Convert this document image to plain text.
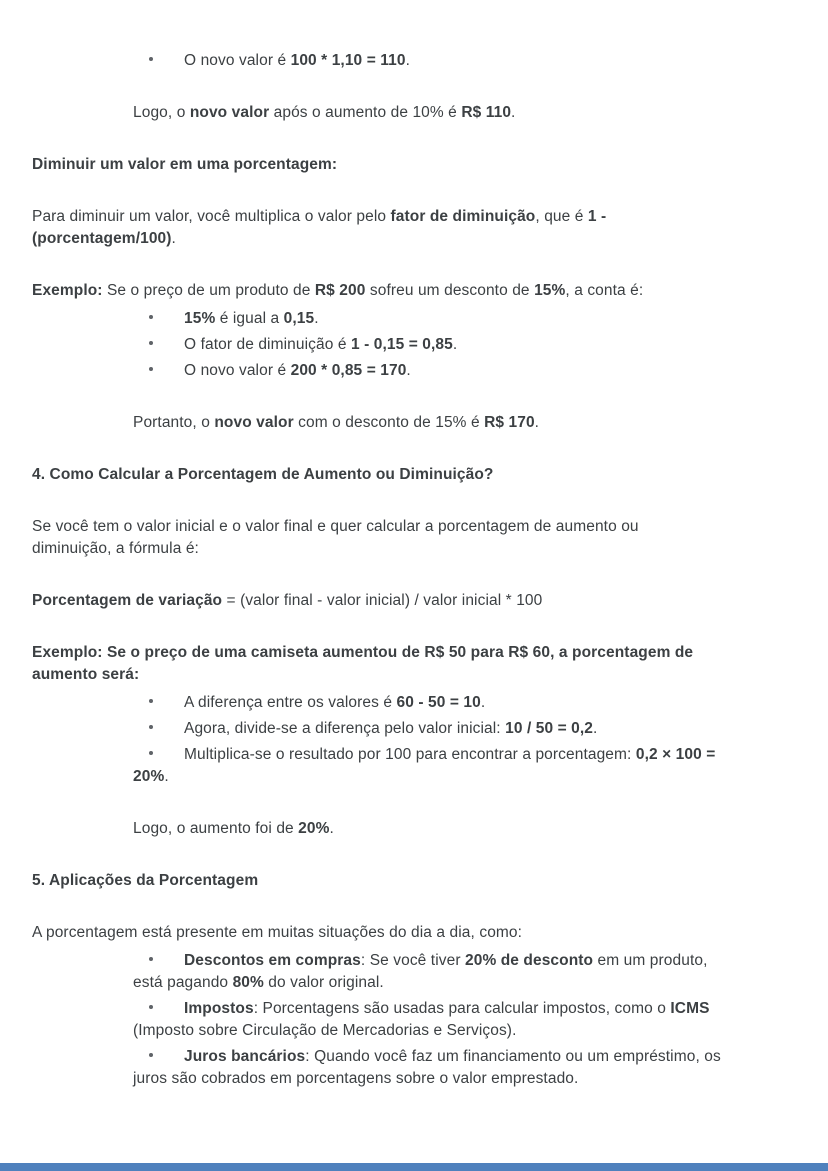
O novo valor é 100 * 1,10 = 110.
Logo, o novo valor após o aumento de 10% é R$ 110.
Diminuir um valor em uma porcentagem:
Para diminuir um valor, você multiplica o valor pelo fator de diminuição, que é 1 -
(porcentagem/100).
Exemplo: Se o preço de um produto de R$ 200 sofreu um desconto de 15%, a conta é:
15% é igual a 0,15.
O fator de diminuição é 1 - 0,15 = 0,85.
O novo valor é 200 * 0,85 = 170.
Portanto, o novo valor com o desconto de 15% é R$ 170.
4. Como Calcular a Porcentagem de Aumento ou Diminuição?
Se você tem o valor inicial e o valor final e quer calcular a porcentagem de aumento ou
diminuição, a fórmula é:
Porcentagem de variação = (valor final - valor inicial) / valor inicial * 100
Exemplo: Se o preço de uma camiseta aumentou de R$ 50 para R$ 60, a porcentagem de
aumento será:
A diferença entre os valores é 60 - 50 = 10.
Agora, divide-se a diferença pelo valor inicial: 10 / 50 = 0,2.
Multiplica-se o resultado por 100 para encontrar a porcentagem: 0,2 × 100 =
20%.
Logo, o aumento foi de 20%.
5. Aplicações da Porcentagem
A porcentagem está presente em muitas situações do dia a dia, como:
Descontos em compras: Se você tiver 20% de desconto em um produto,
está pagando 80% do valor original.
Impostos: Porcentagens são usadas para calcular impostos, como o ICMS
(Imposto sobre Circulação de Mercadorias e Serviços).
Juros bancários: Quando você faz um financiamento ou um empréstimo, os
juros são cobrados em porcentagens sobre o valor emprestado.
